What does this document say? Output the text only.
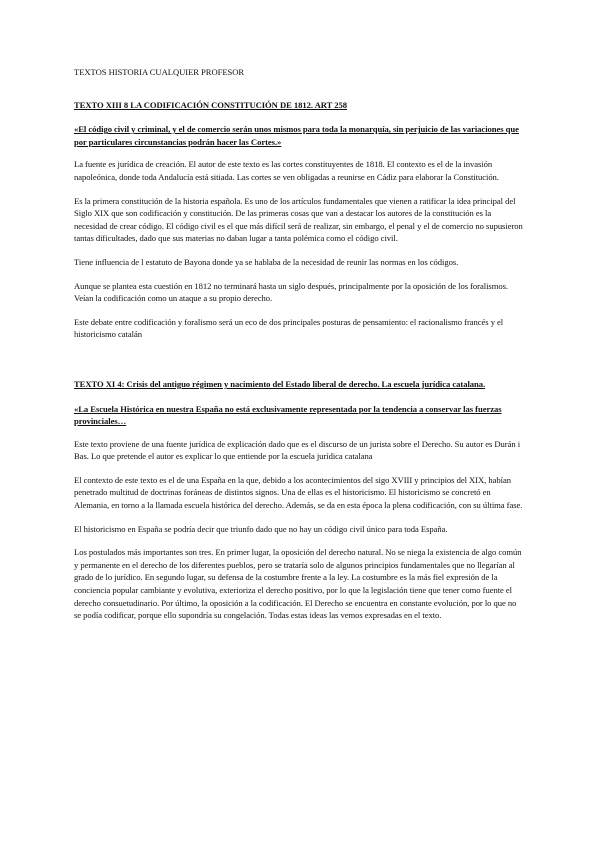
TEXTOS HISTORIA CUALQUIER PROFESOR
TEXTO XIII 8 LA CODIFICACIÓN CONSTITUCIÓN DE 1812. ART 258
«El código civil y criminal, y el de comercio serán unos mismos para toda la monarquía, sin perjuicio de las variaciones que por particulares circunstancias podrán hacer las Cortes.»

La fuente es jurídica de creación. El autor de este texto es las cortes constituyentes de 1818. El contexto es el de la invasión napoleónica, donde toda Andalucía está sitiada. Las cortes se ven obligadas a reunirse en Cádiz para elaborar la Constitución.

Es la primera constitución de la historia española. Es uno de los artículos fundamentales que vienen a ratificar la idea principal del Siglo XIX que son codificación y constitución. De las primeras cosas que van a destacar los autores de la constitución es la necesidad de crear código. El código civil es el que más difícil será de realizar, sin embargo, el penal y el de comercio no supusieron tantas dificultades, dado que sus materias no daban lugar a tanta polémica como el código civil.

Tiene influencia de l estatuto de Bayona donde ya se hablaba de la necesidad de reunir las normas en los códigos.

Aunque se plantea esta cuestión en 1812 no terminará hasta un siglo después, principalmente por la oposición de los foralismos. Veían la codificación como un ataque a su propio derecho.

Este debate entre codificación y foralismo será un eco de dos principales posturas de pensamiento: el racionalismo francés y el historicismo catalán

TEXTO XI 4: Crisis del antiguo régimen y nacimiento del Estado liberal de derecho. La escuela jurídica catalana.
«La Escuela Histórica en nuestra España no está exclusivamente representada por la tendencia a conservar las fuerzas provinciales…

Este texto proviene de una fuente jurídica de explicación dado que es el discurso de un jurista sobre el Derecho. Su autor es Durán i Bas. Lo que pretende el autor es explicar lo que entiende por la escuela jurídica catalana

El contexto de este texto es el de una España en la que, debido a los acontecimientos del sigo XVIII y principios del XIX, habían penetrado multitud de doctrinas foráneas de distintos signos. Una de ellas es el historicismo. El historicismo se concretó en Alemania, en torno a la llamada escuela histórica del derecho. Además, se da en esta época la plena codificación, con su última fase.

El historicismo en España se podría decir que triunfo dado que no hay un código civil único para toda España.

Los postulados más importantes son tres. En primer lugar, la oposición del derecho natural. No se niega la existencia de algo común y permanente en el derecho de los diferentes pueblos, pero se trataría solo de algunos principios fundamentales que no llegarían al grado de lo jurídico. En segundo lugar, su defensa de la costumbre frente a la ley. La costumbre es la más fiel expresión de la conciencia popular cambiante y evolutiva, exterioriza el derecho positivo, por lo que la legislación tiene que tener como fuente el derecho consuetudinario. Por último, la oposición a la codificación. El Derecho se encuentra en constante evolución, por lo que no se podía codificar, porque ello supondría su congelación. Todas estas ideas las vemos expresadas en el texto.
